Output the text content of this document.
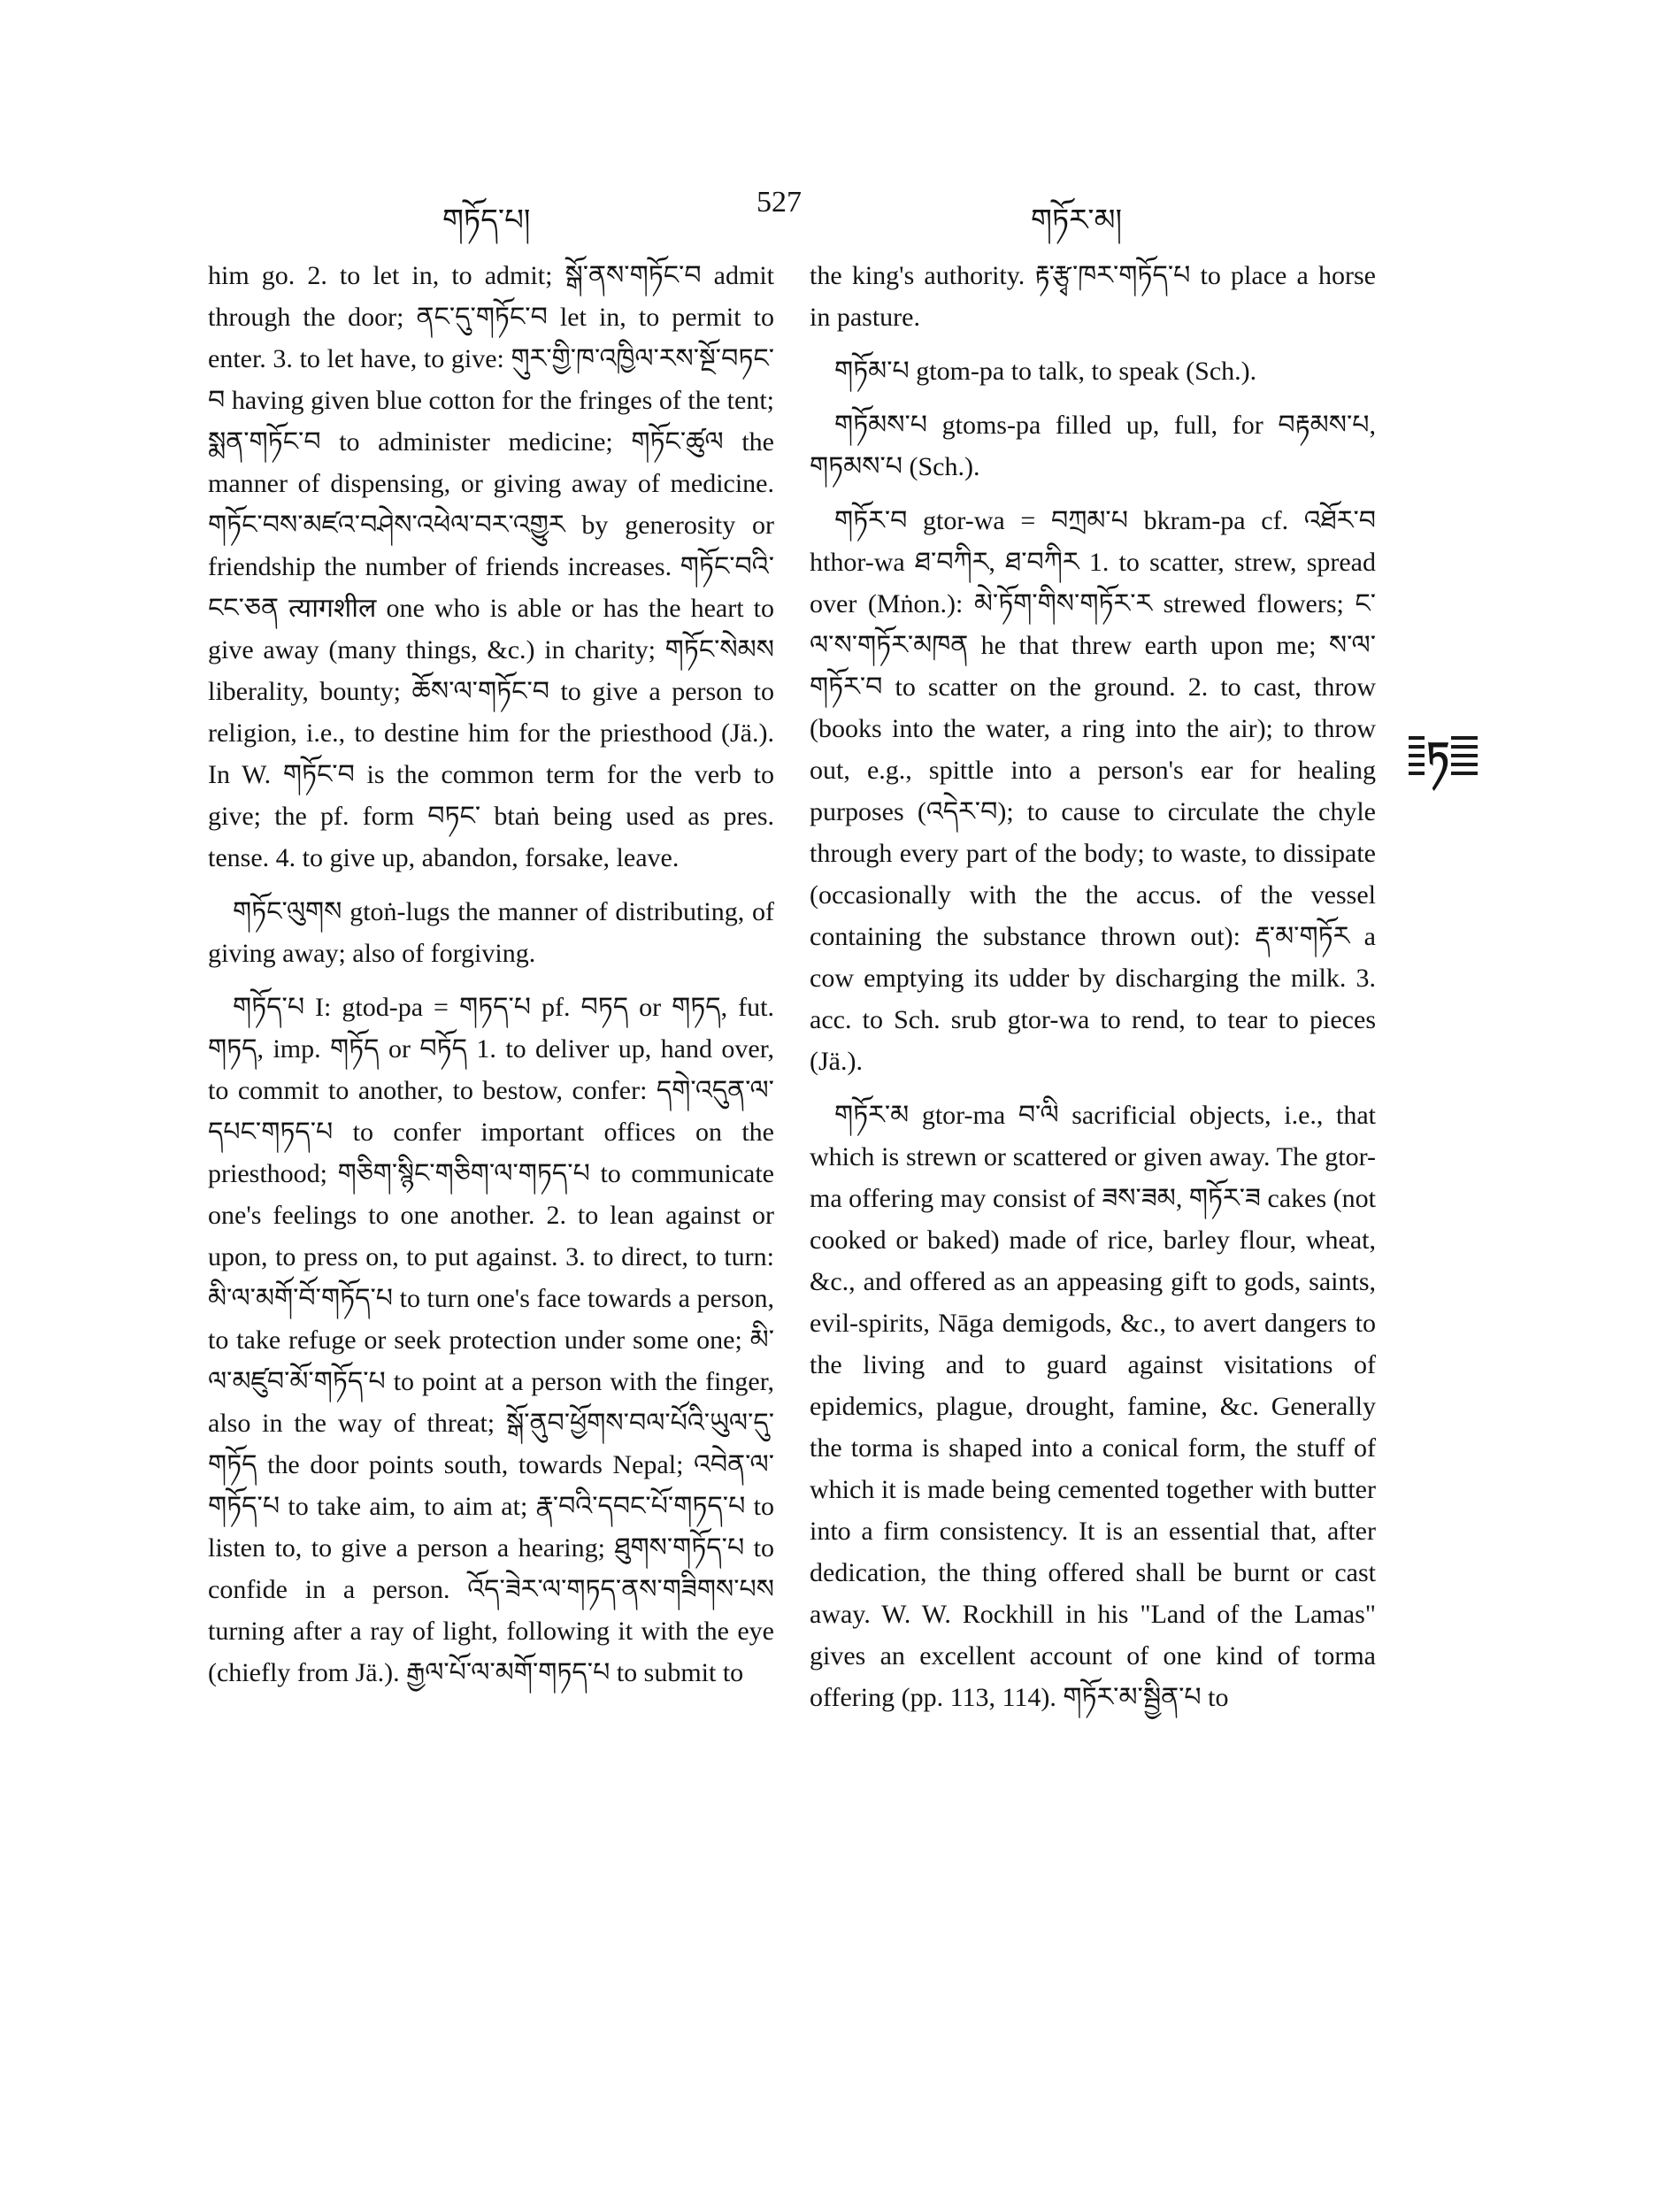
གཏོད་པ།
527
གཏོར་མ།

him go. 2. to let in, to admit; སྒོ་ནས་གཏོང་བ admit through the door; ནང་དུ་གཏོང་བ let in, to permit to enter. 3. to let have, to give: གུར་གྱི་ཁ་འཁྱིལ་རས་སྔོ་བཏང་བ having given blue cotton for the fringes of the tent; སྨན་གཏོང་བ to administer medicine; གཏོང་ཚུལ the manner of dispensing, or giving away of medicine. གཏོང་བས་མཛའ་བཤེས་འཕེལ་བར་འགྱུར by generosity or friendship the number of friends increases. གཏོང་བའི་ངང་ཅན त्यागशील one who is able or has the heart to give away (many things, &c.) in charity; གཏོང་སེམས liberality, bounty; ཆོས་ལ་གཏོང་བ to give a person to religion, i.e., to destine him for the priesthood (Jä.). In W. གཏོང་བ is the common term for the verb to give; the pf. form བཏང་ btaṅ being used as pres. tense. 4. to give up, abandon, forsake, leave.

གཏོང་ལུགས gtoṅ-lugs the manner of distributing, of giving away; also of forgiving.

གཏོད་པ I: gtod-pa = གཏད་པ pf. བཏད or གཏད, fut. གཏད, imp. གཏོད or བཏོད 1. to deliver up, hand over, to commit to another, to bestow, confer: དགེ་འདུན་ལ་དཔང་གཏད་པ to confer important offices on the priesthood; གཅིག་སྙིང་གཅིག་ལ་གཏད་པ to communicate one's feelings to one another. 2. to lean against or upon, to press on, to put against. 3. to direct, to turn: མི་ལ་མགོ་བོ་གཏོད་པ to turn one's face towards a person, to take refuge or seek protection under some one; མི་ལ་མཛུབ་མོ་གཏོད་པ to point at a person with the finger, also in the way of threat; སྒོ་ནུབ་ཕྱོགས་བལ་པོའི་ཡུལ་དུ་གཏོད the door points south, towards Nepal; འབེན་ལ་གཏོད་པ to take aim, to aim at; རྣ་བའི་དབང་པོ་གཏད་པ to listen to, to give a person a hearing; ཐུགས་གཏོད་པ to confide in a person. འོད་ཟེར་ལ་གཏད་ནས་གཟིགས་པས turning after a ray of light, following it with the eye (chiefly from Jä.). རྒྱལ་པོ་ལ་མགོ་གཏད་པ to submit to

the king's authority. རྟ་རྩྭ་ཁར་གཏོད་པ to place a horse in pasture.

གཏོམ་པ gtom-pa to talk, to speak (Sch.).

གཏོམས་པ gtoms-pa filled up, full, for བརྟམས་པ, གཏམས་པ (Sch.).

གཏོར་བ gtor-wa = བཀྲམ་པ bkram-pa cf. འཐོར་བ hthor-wa ཐ་བཀིཪ, ཐ་བཀིཪ 1. to scatter, strew, spread over (Mṅon.): མེ་ཏོག་གིས་གཏོར་ར strewed flowers; ང་ལ་ས་གཏོར་མཁན he that threw earth upon me; ས་ལ་གཏོར་བ to scatter on the ground. 2. to cast, throw (books into the water, a ring into the air); to throw out, e.g., spittle into a person's ear for healing purposes (འདེར་བ); to cause to circulate the chyle through every part of the body; to waste, to dissipate (occasionally with the the accus. of the vessel containing the substance thrown out): རྡ་མ་གཏོར a cow emptying its udder by discharging the milk. 3. acc. to Sch. srub gtor-wa to rend, to tear to pieces (Jä.).

གཏོར་མ gtor-ma བ་ལི sacrificial objects, i.e., that which is strewn or scattered or given away. The gtor-ma offering may consist of ཟས་ཟམ, གཏོར་ཟ cakes (not cooked or baked) made of rice, barley flour, wheat, &c., and offered as an appeasing gift to gods, saints, evil-spirits, Nāga demigods, &c., to avert dangers to the living and to guard against visitations of epidemics, plague, drought, famine, &c. Generally the torma is shaped into a conical form, the stuff of which it is made being cemented together with butter into a firm consistency. It is an essential that, after dedication, the thing offered shall be burnt or cast away. W. W. Rockhill in his "Land of the Lamas" gives an excellent account of one kind of torma offering (pp. 113, 114). གཏོར་མ་སྦྱིན་པ to

ཏ
